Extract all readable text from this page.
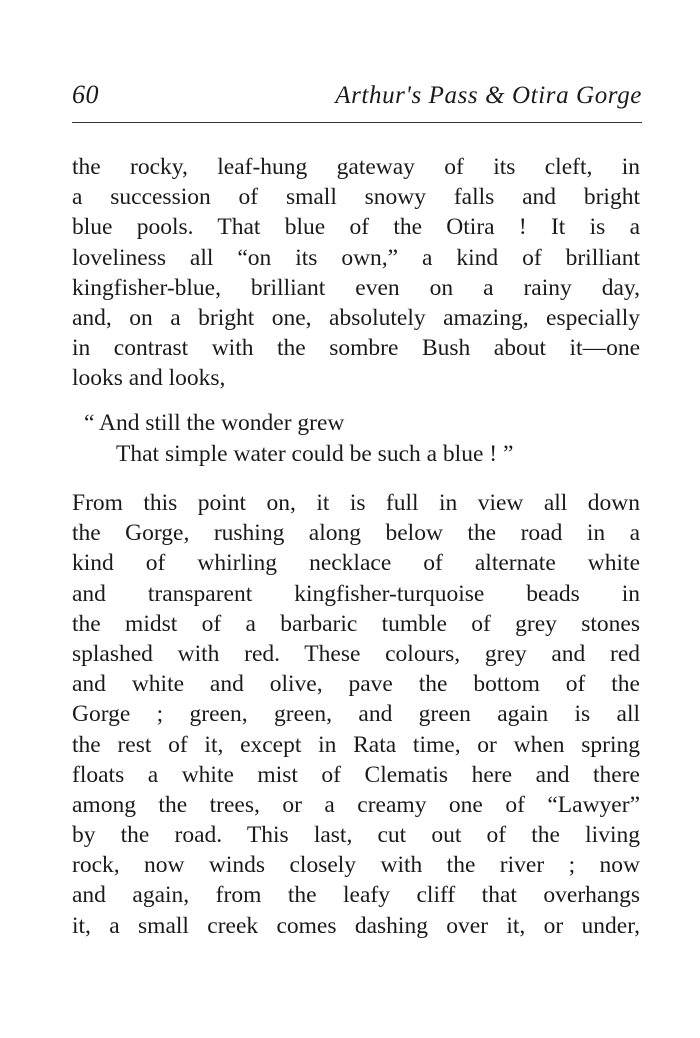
60	Arthur's Pass & Otira Gorge
the rocky, leaf-hung gateway of its cleft, in
a succession of small snowy falls and bright
blue pools. That blue of the Otira ! It is a
loveliness all “on its own,” a kind of brilliant
kingfisher-blue, brilliant even on a rainy day,
and, on a bright one, absolutely amazing, especially
in contrast with the sombre Bush about it—one
looks and looks,
“ And still the wonder grew
That simple water could be such a blue ! ”
From this point on, it is full in view all down
the Gorge, rushing along below the road in a
kind of whirling necklace of alternate white
and transparent kingfisher-turquoise beads in
the midst of a barbaric tumble of grey stones
splashed with red. These colours, grey and red
and white and olive, pave the bottom of the
Gorge ; green, green, and green again is all
the rest of it, except in Rata time, or when spring
floats a white mist of Clematis here and there
among the trees, or a creamy one of “Lawyer”
by the road. This last, cut out of the living
rock, now winds closely with the river ; now
and again, from the leafy cliff that overhangs
it, a small creek comes dashing over it, or under,
